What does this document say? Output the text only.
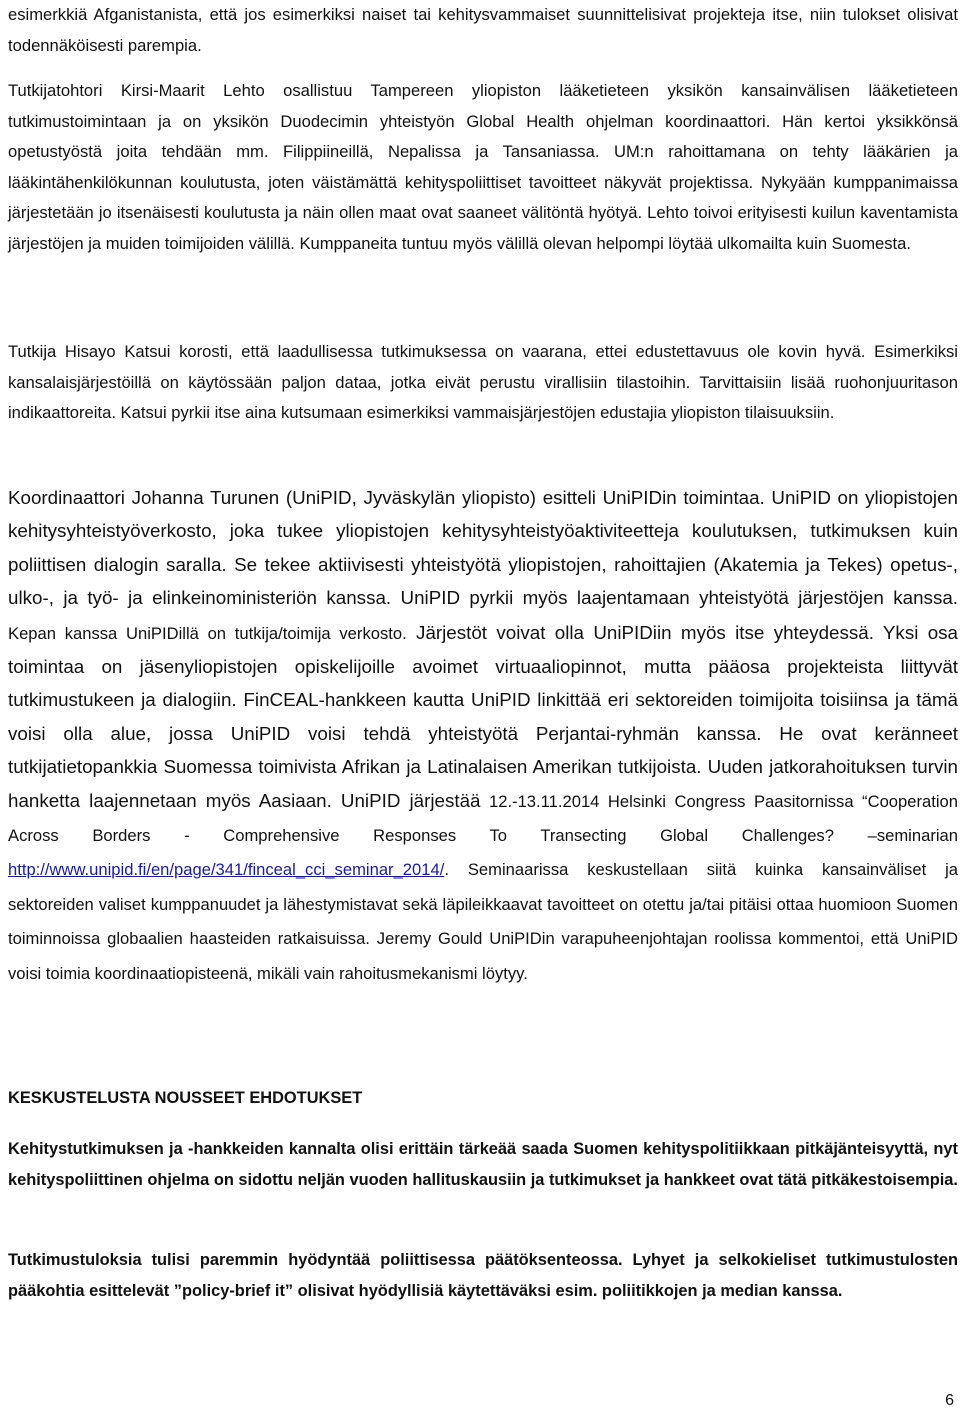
esimerkkiä Afganistanista, että jos esimerkiksi naiset tai kehitysvammaiset suunnittelisivat projekteja itse, niin tulokset olisivat todennäköisesti parempia.

Tutkijatohtori Kirsi-Maarit Lehto osallistuu Tampereen yliopiston lääketieteen yksikön kansainvälisen lääketieteen tutkimustoimintaan ja on yksikön Duodecimin yhteistyön Global Health ohjelman koordinaattori. Hän kertoi yksikkönsä opetustyöstä joita tehdään mm. Filippiineillä, Nepalissa ja Tansaniassa. UM:n rahoittamana on tehty lääkärien ja lääkintähenkilökunnan koulutusta, joten väistämättä kehityspoliittiset tavoitteet näkyvät projektissa. Nykyään kumppanimaissa järjestetään jo itsenäisesti koulutusta ja näin ollen maat ovat saaneet välitöntä hyötyä. Lehto toivoi erityisesti kuilun kaventamista järjestöjen ja muiden toimijoiden välillä. Kumppaneita tuntuu myös välillä olevan helpompi löytää ulkomailta kuin Suomesta.

Tutkija Hisayo Katsui korosti, että laadullisessa tutkimuksessa on vaarana, ettei edustettavuus ole kovin hyvä. Esimerkiksi kansalaisjärjestöillä on käytössään paljon dataa, jotka eivät perustu virallisiin tilastoihin. Tarvittaisiin lisää ruohonjuuritason indikaattoreita. Katsui pyrkii itse aina kutsumaan esimerkiksi vammaisjärjestöjen edustajia yliopiston tilaisuuksiin.

Koordinaattori Johanna Turunen (UniPID, Jyväskylän yliopisto) esitteli UniPIDin toimintaa. UniPID on yliopistojen kehitysyhteistyöverkosto, joka tukee yliopistojen kehitysyhteistyöaktiviteetteja koulutuksen, tutkimuksen kuin poliittisen dialogin saralla. Se tekee aktiivisesti yhteistyötä yliopistojen, rahoittajien (Akatemia ja Tekes) opetus-, ulko-, ja työ- ja elinkeinoministeriön kanssa. UniPID pyrkii myös laajentamaan yhteistyötä järjestöjen kanssa. Kepan kanssa UniPIDillä on tutkija/toimija verkosto. Järjestöt voivat olla UniPIDiin myös itse yhteydessä. Yksi osa toimintaa on jäsenyliopistojen opiskelijoille avoimet virtuaaliopinnot, mutta pääosa projekteista liittyvät tutkimustukeen ja dialogiin. FinCEAL-hankkeen kautta UniPID linkittää eri sektoreiden toimijoita toisiinsa ja tämä voisi olla alue, jossa UniPID voisi tehdä yhteistyötä Perjantai-ryhmän kanssa. He ovat keränneet tutkijatietopankkia Suomessa toimivista Afrikan ja Latinalaisen Amerikan tutkijoista. Uuden jatkorahoituksen turvin hanketta laajennetaan myös Aasiaan. UniPID järjestää 12.-13.11.2014 Helsinki Congress Paasitornissa “Cooperation Across Borders - Comprehensive Responses To Transecting Global Challenges? –seminarian http://www.unipid.fi/en/page/341/finceal_cci_seminar_2014/. Seminaarissa keskustellaan siitä kuinka kansainväliset ja sektoreiden valiset kumppanuudet ja lähestymistavat sekä läpileikkaavat tavoitteet on otettu ja/tai pitäisi ottaa huomioon Suomen toiminnoissa globaalien haasteiden ratkaisuissa. Jeremy Gould UniPIDin varapuheenjohtajan roolissa kommentoi, että UniPID voisi toimia koordinaatiopisteenä, mikäli vain rahoitusmekanismi löytyy.

KESKUSTELUSTA NOUSSEET EHDOTUKSET

Kehitystutkimuksen ja -hankkeiden kannalta olisi erittäin tärkeää saada Suomen kehityspolitiikkaan pitkäjänteisyyttä, nyt kehityspoliittinen ohjelma on sidottu neljän vuoden hallituskausiin ja tutkimukset ja hankkeet ovat tätä pitkäkestoisempia.

Tutkimustuloksia tulisi paremmin hyödyntää poliittisessa päätöksenteossa. Lyhyet ja selkokieliset tutkimustulosten pääkohtia esittelevät ”policy-brief it” olisivat hyödyllisiä käytettäväksi esim. poliitikkojen ja median kanssa.

6
